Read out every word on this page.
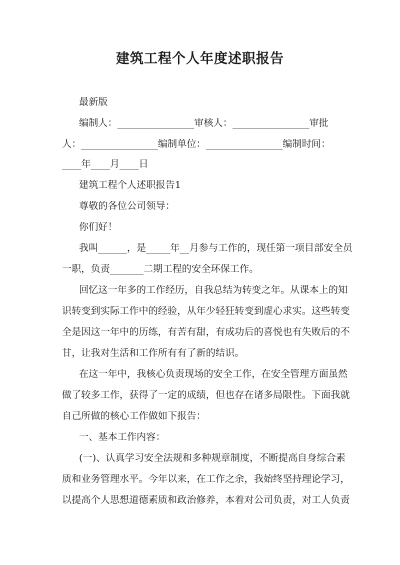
建筑工程个人年度述职报告
最新版
编制人：________________审核人：________________审批
人：________________编制单位：________________编制时间：
____年____月____日
建筑工程个人述职报告1
尊敬的各位公司领导：
你们好！
我叫______，是_____年__月参与工作的，现任第一项目部安全员
一职，负责_______二期工程的安全环保工作。
回忆这一年多的工作经历，自我总结为转变之年。从课本上的知
识转变到实际工作中的经验，从年少轻狂转变到虚心求实。这些转变
全是因这一年中的历练，有苦有甜，有成功后的喜悦也有失败后的不
甘，让我对生活和工作所有有了新的结识。
在这一年中，我核心负责现场的安全工作，在安全管理方面虽然
做了较多工作，获得了一定的成绩，但也存在诸多局限性。下面我就
自己所做的核心工作做如下报告：
一、基本工作内容：
(一)、认真学习安全法规和多种规章制度，不断提高自身综合素
质和业务管理水平。今年以来，在工作之余，我始终坚持理论学习，
以提高个人思想道德素质和政治修养，本着对公司负责，对工人负责
